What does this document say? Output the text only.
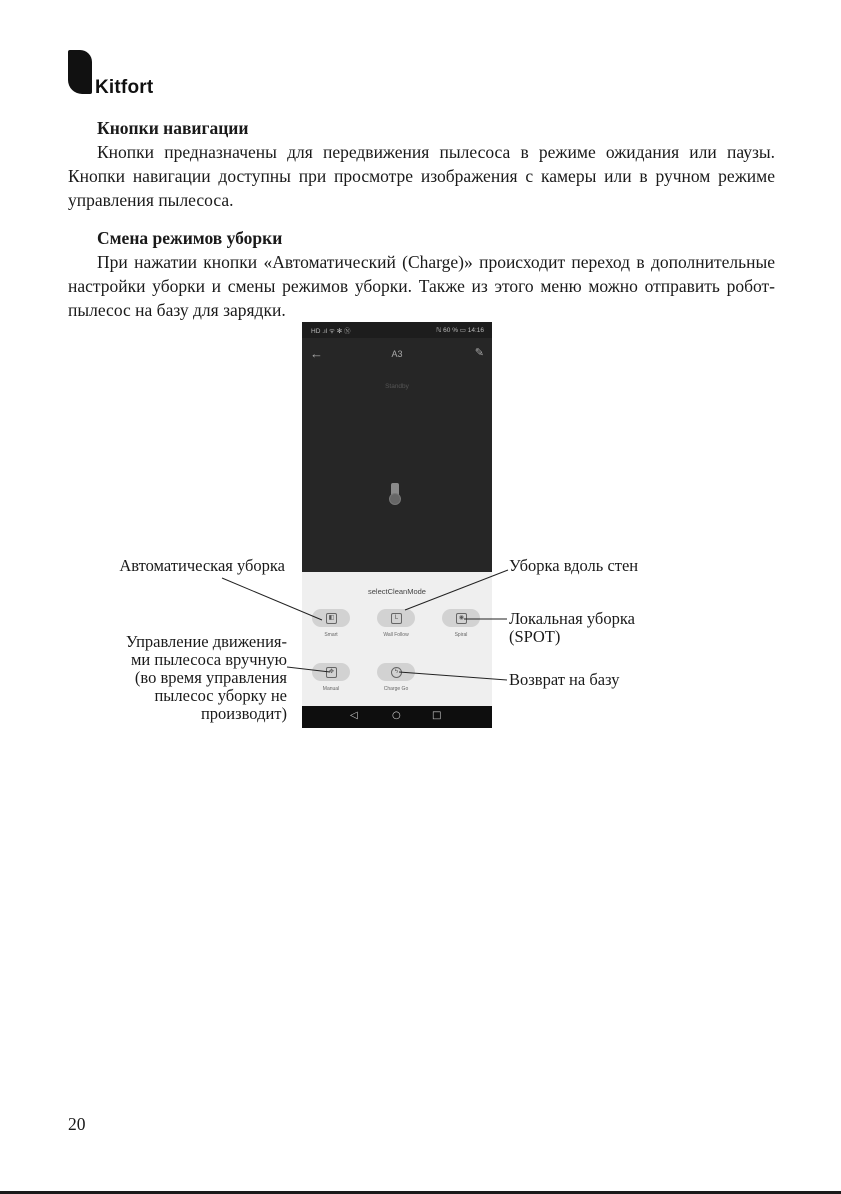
Kitfort
Кнопки навигации

Кнопки предназначены для передвижения пылесоса в режиме ожидания или паузы. Кнопки навигации доступны при просмотре изображения с камеры или в ручном режиме управления пылесоса.

Смена режимов уборки

При нажатии кнопки «Автоматический (Charge)» происходит переход в дополнительные настройки уборки и смены режимов уборки. Также из этого меню можно отправить робот-пылесос на базу для зарядки.

HD .ıl ᯤ ✻ Ⓝ	ℕ 60 % ▭ 14:16
←	A3	✎
Standby
selectCleanMode
◧
Smart
L
Wall Follow
◉
Spiral
✥
Manual
ϟ
Charge Go
◁	○	□
Автоматическая уборка	Уборка вдоль стен
Локальная уборка
(SPOT)
Управление движения-
ми пылесоса вручную
(во время управления
пылесос уборку не
производит)
Возврат на базу
20
